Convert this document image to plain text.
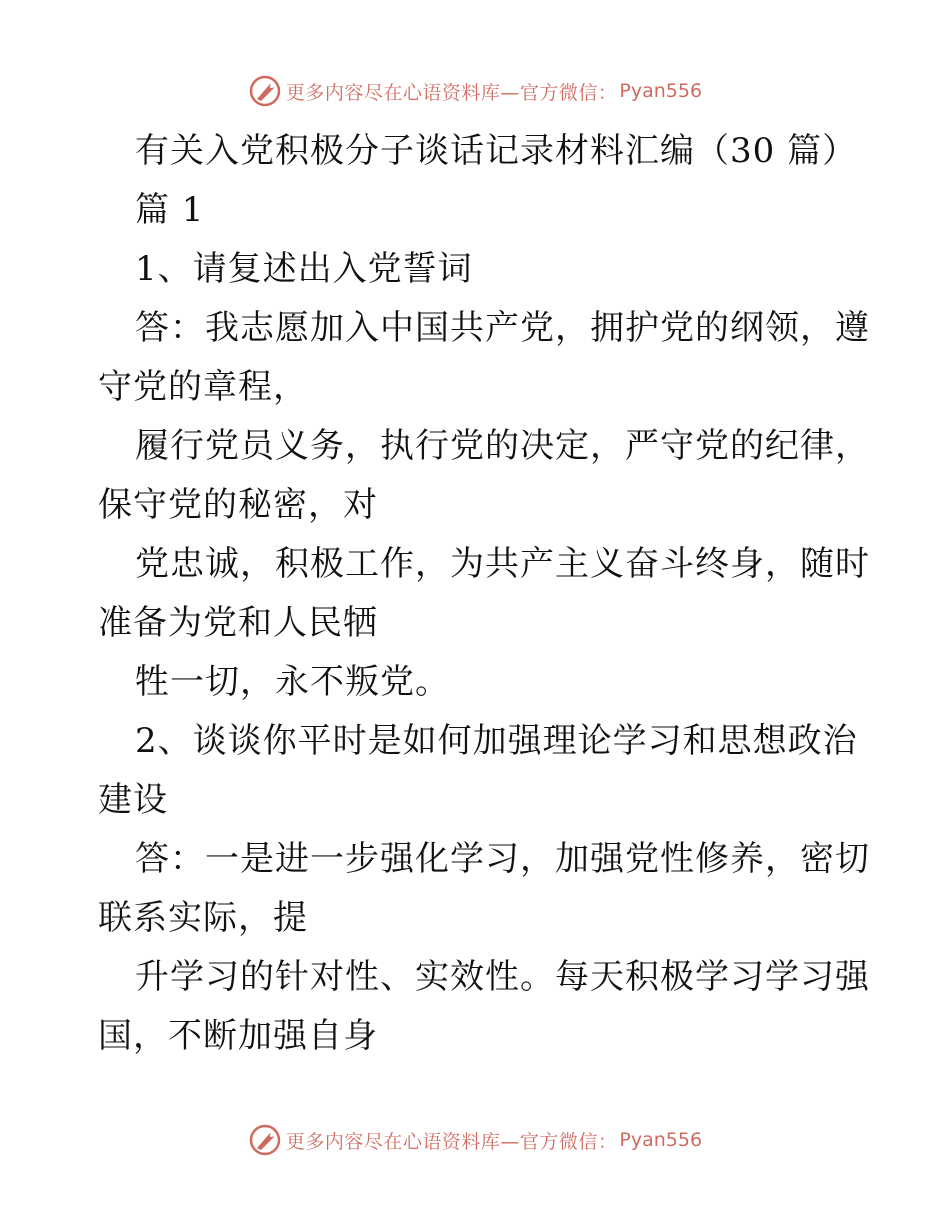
更多内容尽在心语资料库—官方微信： Pyan556
有关入党积极分子谈话记录材料汇编（30 篇）
篇 1
1、请复述出入党誓词
答：我志愿加入中国共产党，拥护党的纲领，遵
守党的章程，
履行党员义务，执行党的决定，严守党的纪律，
保守党的秘密，对
党忠诚，积极工作，为共产主义奋斗终身，随时
准备为党和人民牺
牲一切，永不叛党。
2、谈谈你平时是如何加强理论学习和思想政治
建设
答：一是进一步强化学习，加强党性修养，密切
联系实际，提
升学习的针对性、实效性。每天积极学习学习强
国，不断加强自身
更多内容尽在心语资料库—官方微信： Pyan556
